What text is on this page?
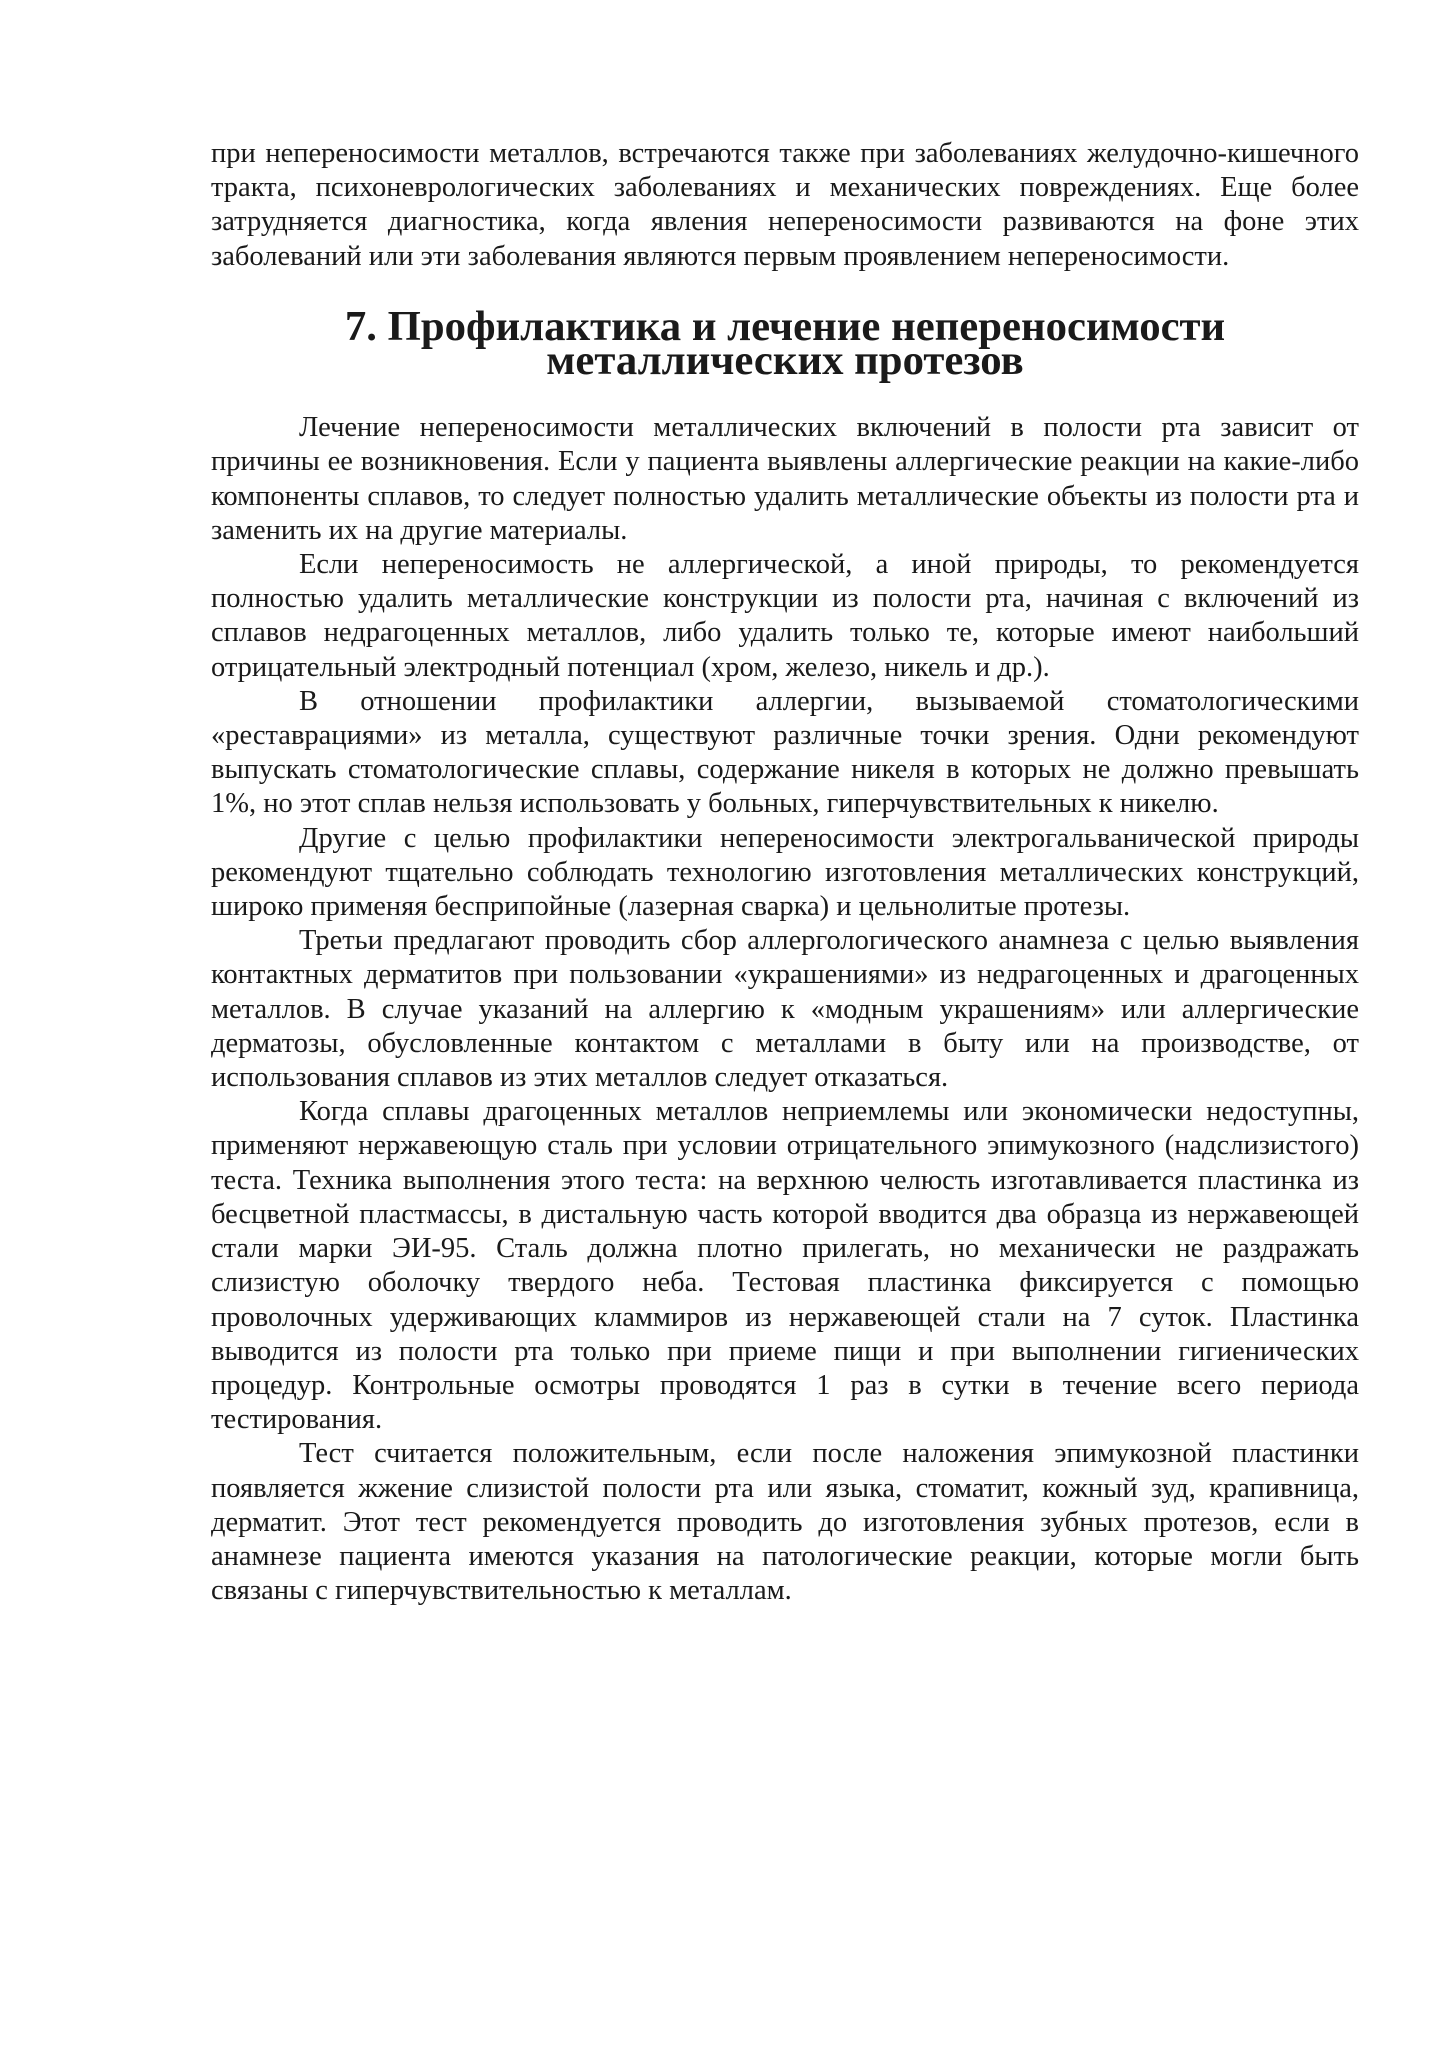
при непереносимости металлов, встречаются также при заболеваниях желудочно-кишечного тракта, психоневрологических заболеваниях и механических повреждениях. Еще более затрудняется диагностика, когда явления непереносимости развиваются на фоне этих заболеваний или эти заболевания являются первым проявлением непереносимости.

7. Профилактика и лечение непереносимости
металлических протезов

Лечение непереносимости металлических включений в полости рта зависит от причины ее возникновения. Если у пациента выявлены аллергические реакции на какие-либо компоненты сплавов, то следует полностью удалить металлические объекты из полости рта и заменить их на другие материалы.

Если непереносимость не аллергической, а иной природы, то рекомендуется полностью удалить металлические конструкции из полости рта, начиная с включений из сплавов недрагоценных металлов, либо удалить только те, которые имеют наибольший отрицательный электродный потенциал (хром, железо, никель и др.).

В отношении профилактики аллергии, вызываемой стоматологическими «реставрациями» из металла, существуют различные точки зрения. Одни рекомендуют выпускать стоматологические сплавы, содержание никеля в которых не должно превышать 1%, но этот сплав нельзя использовать у больных, гиперчувствительных к никелю.

Другие с целью профилактики непереносимости электрогальванической природы рекомендуют тщательно соблюдать технологию изготовления металлических конструкций, широко применяя бесприпойные (лазерная сварка) и цельнолитые протезы.

Третьи предлагают проводить сбор аллергологического анамнеза с целью выявления контактных дерматитов при пользовании «украшениями» из недрагоценных и драгоценных металлов. В случае указаний на аллергию к «модным украшениям» или аллергические дерматозы, обусловленные контактом с металлами в быту или на производстве, от использования сплавов из этих металлов следует отказаться.

Когда сплавы драгоценных металлов неприемлемы или экономически недоступны, применяют нержавеющую сталь при условии отрицательного эпимукозного (надслизистого) теста. Техника выполнения этого теста: на верхнюю челюсть изготавливается пластинка из бесцветной пластмассы, в дистальную часть которой вводится два образца из нержавеющей стали марки ЭИ-95. Сталь должна плотно прилегать, но механически не раздражать слизистую оболочку твердого неба. Тестовая пластинка фиксируется с помощью проволочных удерживающих кламмиров из нержавеющей стали на 7 суток. Пластинка выводится из полости рта только при приеме пищи и при выполнении гигиенических процедур. Контрольные осмотры проводятся 1 раз в сутки в течение всего периода тестирования.

Тест считается положительным, если после наложения эпимукозной пластинки появляется жжение слизистой полости рта или языка, стоматит, кожный зуд, крапивница, дерматит. Этот тест рекомендуется проводить до изготовления зубных протезов, если в анамнезе пациента имеются указания на патологические реакции, которые могли быть связаны с гиперчувствительностью к металлам.
